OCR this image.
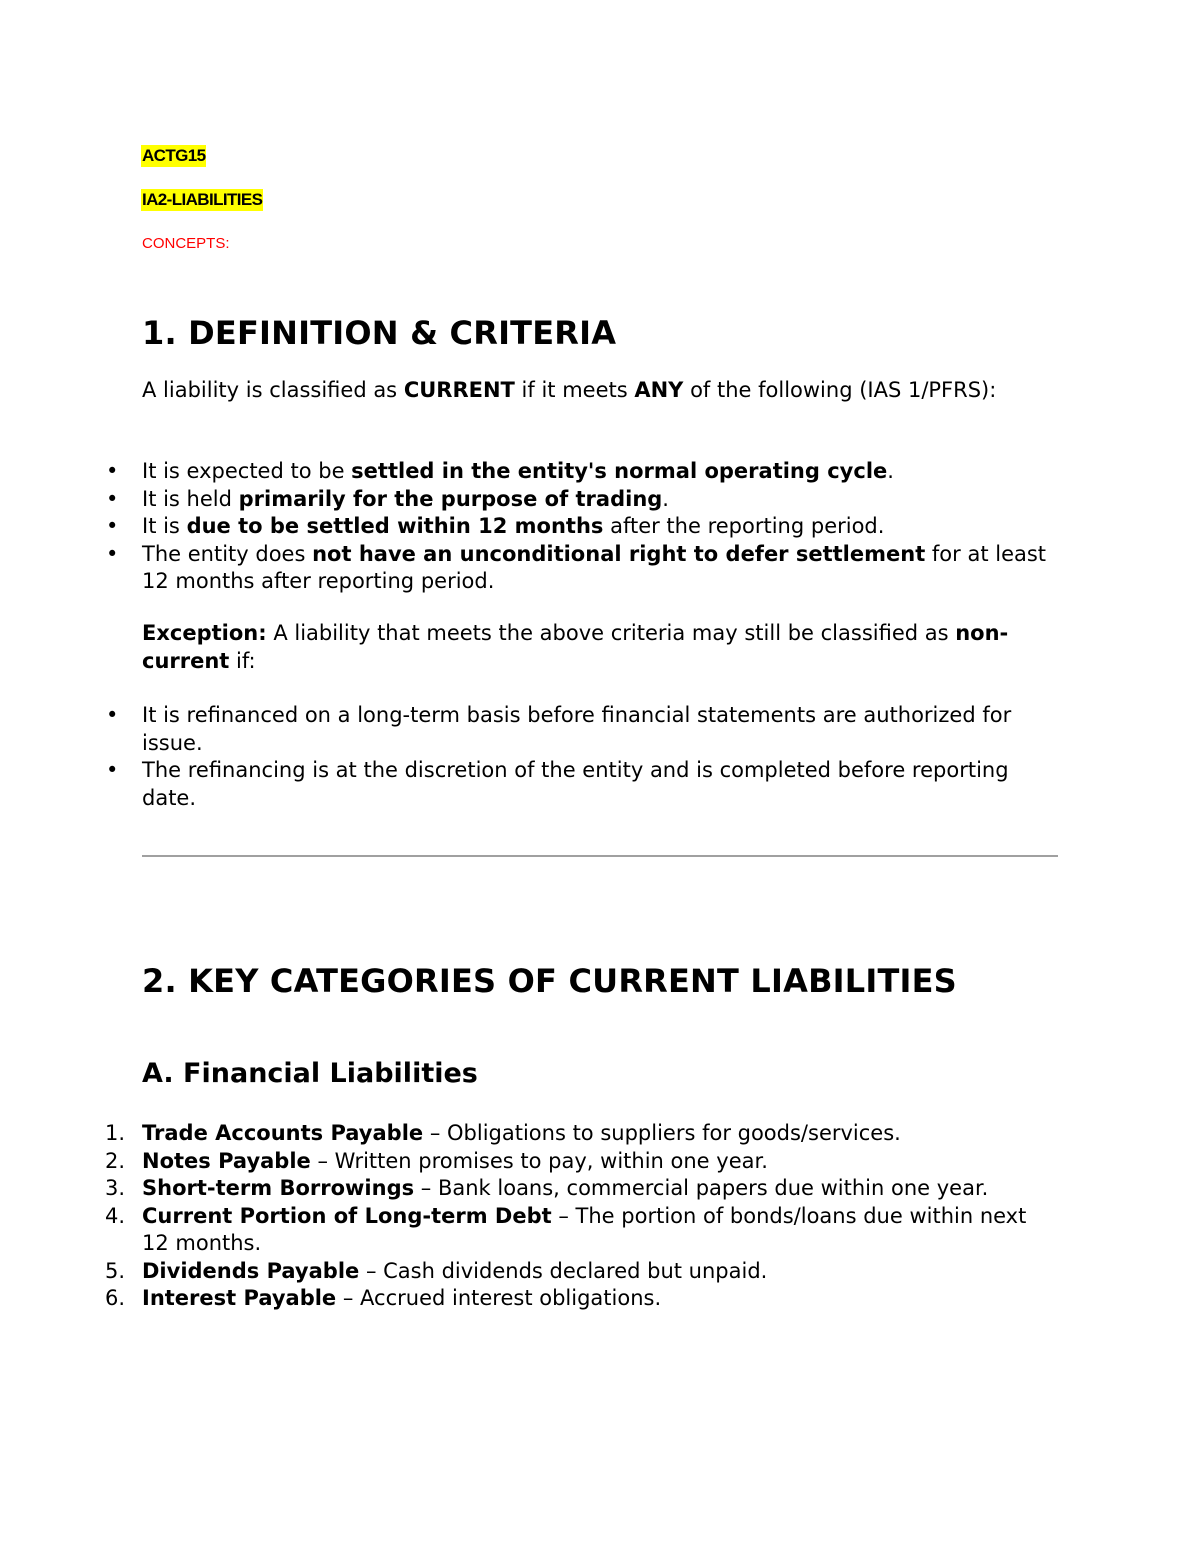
ACTG15
IA2-LIABILITIES
CONCEPTS:
1. DEFINITION & CRITERIA

A liability is classified as CURRENT if it meets ANY of the following (IAS 1/PFRS):

• It is expected to be settled in the entity's normal operating cycle.
• It is held primarily for the purpose of trading.
• It is due to be settled within 12 months after the reporting period.
• The entity does not have an unconditional right to defer settlement for at least 12 months after reporting period.

Exception: A liability that meets the above criteria may still be classified as non-current if:

• It is refinanced on a long-term basis before financial statements are authorized for issue.
• The refinancing is at the discretion of the entity and is completed before reporting date.
2. KEY CATEGORIES OF CURRENT LIABILITIES
A. Financial Liabilities
1. Trade Accounts Payable – Obligations to suppliers for goods/services.
2. Notes Payable – Written promises to pay, within one year.
3. Short-term Borrowings – Bank loans, commercial papers due within one year.
4. Current Portion of Long-term Debt – The portion of bonds/loans due within next 12 months.
5. Dividends Payable – Cash dividends declared but unpaid.
6. Interest Payable – Accrued interest obligations.
